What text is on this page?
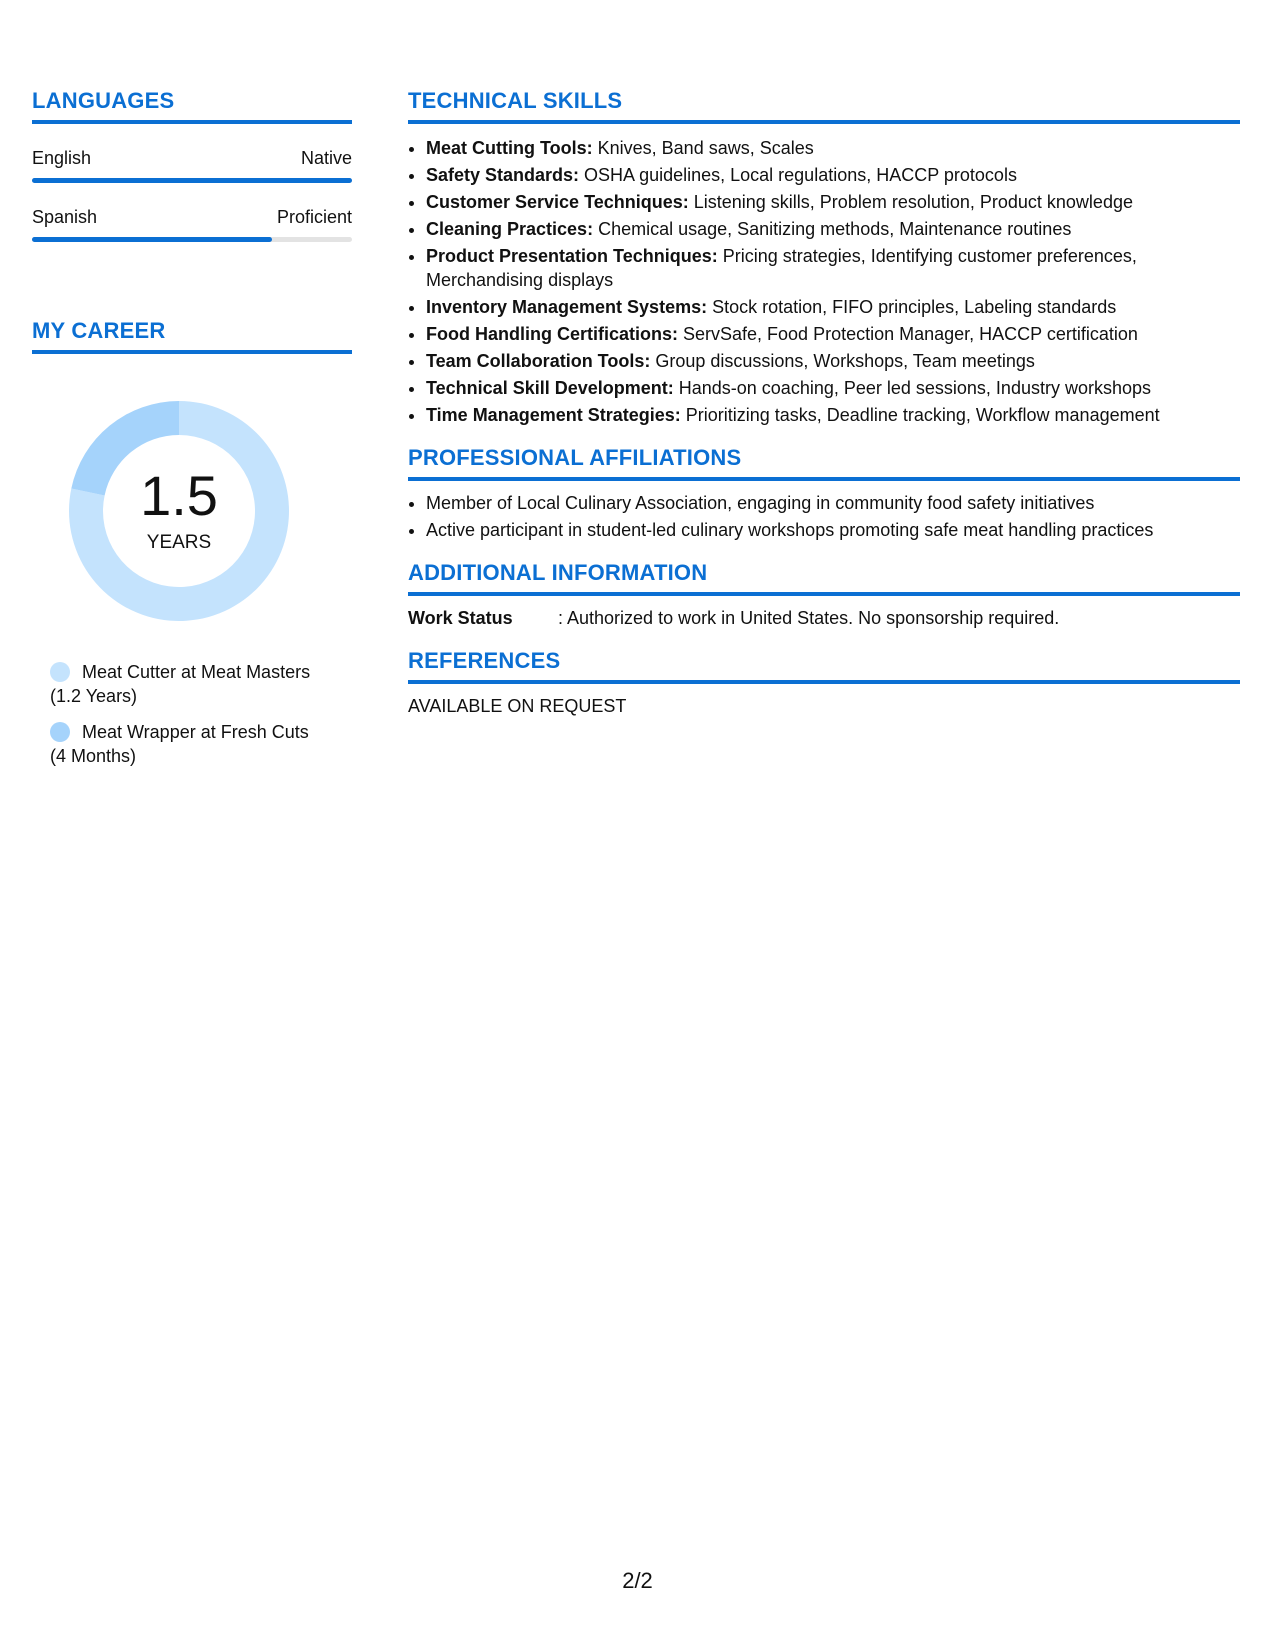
LANGUAGES
English	Native
Spanish	Proficient
MY CAREER
1.5
YEARS
Meat Cutter at Meat Masters
(1.2 Years)
Meat Wrapper at Fresh Cuts
(4 Months)
TECHNICAL SKILLS
• Meat Cutting Tools: Knives, Band saws, Scales
• Safety Standards: OSHA guidelines, Local regulations, HACCP protocols
• Customer Service Techniques: Listening skills, Problem resolution, Product knowledge
• Cleaning Practices: Chemical usage, Sanitizing methods, Maintenance routines
• Product Presentation Techniques: Pricing strategies, Identifying customer preferences, Merchandising displays
• Inventory Management Systems: Stock rotation, FIFO principles, Labeling standards
• Food Handling Certifications: ServSafe, Food Protection Manager, HACCP certification
• Team Collaboration Tools: Group discussions, Workshops, Team meetings
• Technical Skill Development: Hands-on coaching, Peer led sessions, Industry workshops
• Time Management Strategies: Prioritizing tasks, Deadline tracking, Workflow management
PROFESSIONAL AFFILIATIONS
• Member of Local Culinary Association, engaging in community food safety initiatives
• Active participant in student-led culinary workshops promoting safe meat handling practices
ADDITIONAL INFORMATION
Work Status	: Authorized to work in United States. No sponsorship required.
REFERENCES
AVAILABLE ON REQUEST
2/2
